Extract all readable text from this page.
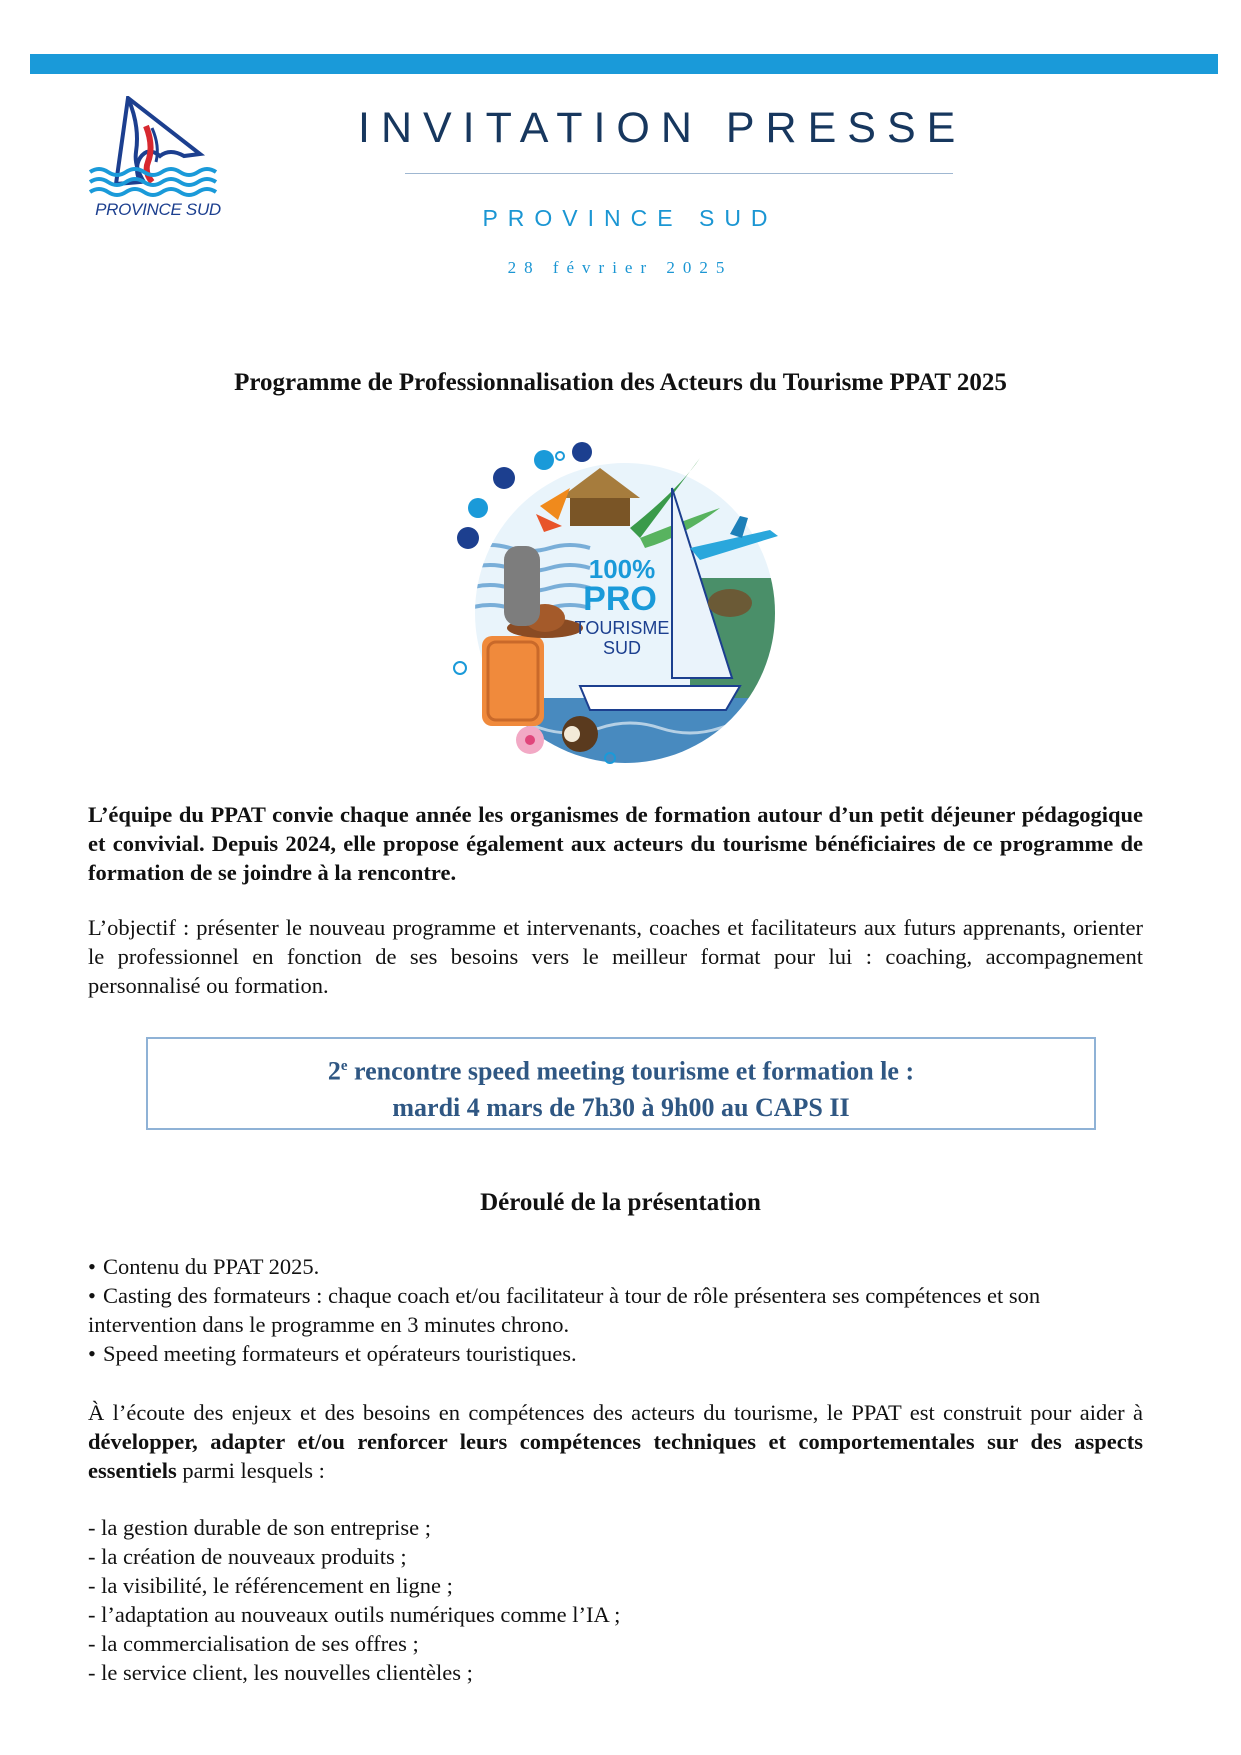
PROVINCE SUD
INVITATION PRESSE
PROVINCE SUD
28 février 2025
Programme de Professionnalisation des Acteurs du Tourisme PPAT 2025
100%
PRO
TOURISME
SUD

L’équipe du PPAT convie chaque année les organismes de formation autour d’un petit déjeuner pédagogique et convivial. Depuis 2024, elle propose également aux acteurs du tourisme bénéficiaires de ce programme de formation de se joindre à la rencontre.

L’objectif : présenter le nouveau programme et intervenants, coaches et facilitateurs aux futurs apprenants, orienter le professionnel en fonction de ses besoins vers le meilleur format pour lui : coaching, accompagnement personnalisé ou formation.

2e rencontre speed meeting tourisme et formation le :
mardi 4 mars de 7h30 à 9h00 au CAPS II
Déroulé de la présentation
• Contenu du PPAT 2025.
• Casting des formateurs : chaque coach et/ou facilitateur à tour de rôle présentera ses compétences et son intervention dans le programme en 3 minutes chrono.
• Speed meeting formateurs et opérateurs touristiques.

À l’écoute des enjeux et des besoins en compétences des acteurs du tourisme, le PPAT est construit pour aider à développer, adapter et/ou renforcer leurs compétences techniques et comportementales sur des aspects essentiels parmi lesquels :

- la gestion durable de son entreprise ;
- la création de nouveaux produits ;
- la visibilité, le référencement en ligne ;
- l’adaptation au nouveaux outils numériques comme l’IA ;
- la commercialisation de ses offres ;
- le service client, les nouvelles clientèles ;
